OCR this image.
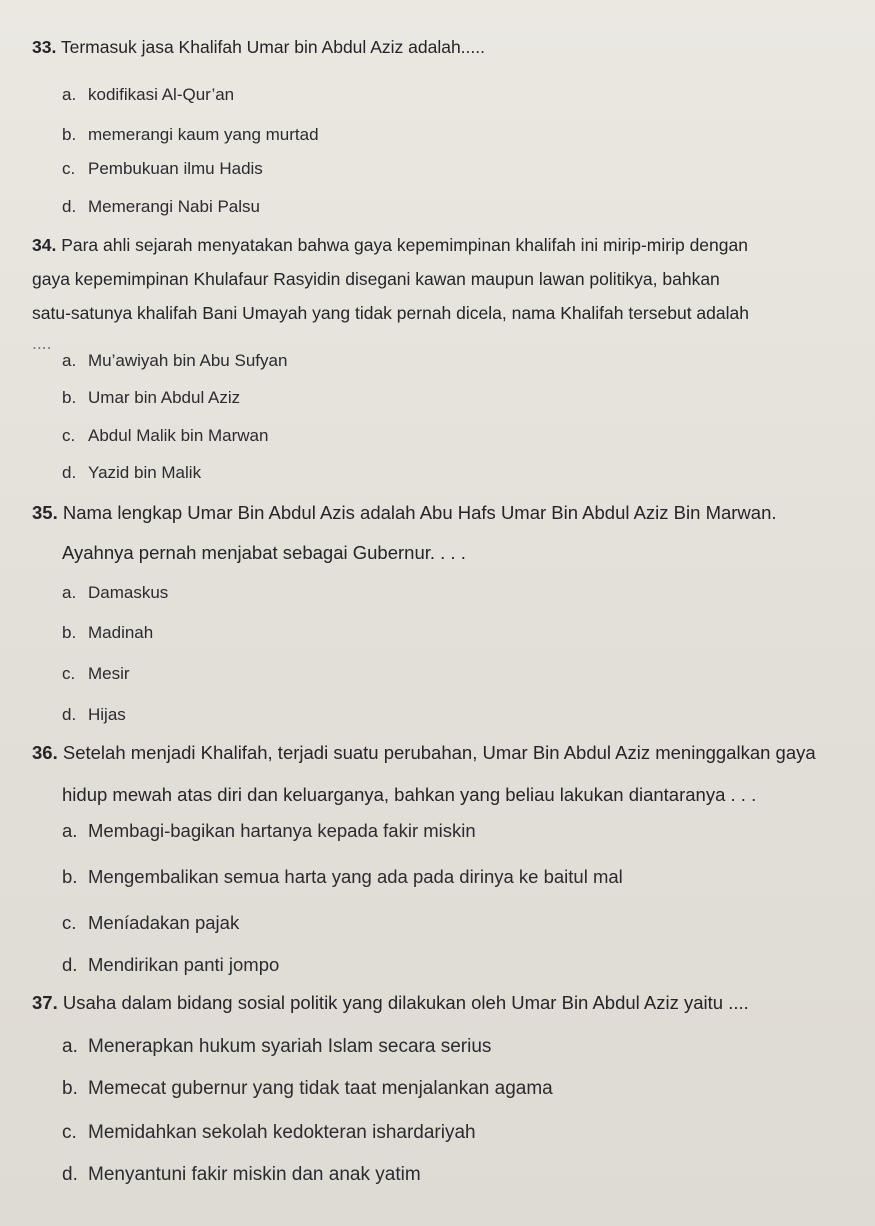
33. Termasuk jasa Khalifah Umar bin Abdul Aziz adalah.....

a. kodifikasi Al-Qur’an

b. memerangi kaum yang murtad

c. Pembukuan ilmu Hadis

d. Memerangi Nabi Palsu

34. Para ahli sejarah menyatakan bahwa gaya kepemimpinan khalifah ini mirip-mirip dengan
gaya kepemimpinan Khulafaur Rasyidin disegani kawan maupun lawan politikya, bahkan
satu-satunya khalifah Bani Umayah yang tidak pernah dicela, nama Khalifah tersebut adalah
....

a. Mu’awiyah bin Abu Sufyan

b. Umar bin Abdul Aziz

c. Abdul Malik bin Marwan

d. Yazid bin Malik

35. Nama lengkap Umar Bin Abdul Azis adalah Abu Hafs Umar Bin Abdul Aziz Bin Marwan.
Ayahnya pernah menjabat sebagai Gubernur. . . .

a. Damaskus

b. Madinah

c. Mesir

d. Hijas

36. Setelah menjadi Khalifah, terjadi suatu perubahan, Umar Bin Abdul Aziz meninggalkan gaya
hidup mewah atas diri dan keluarganya, bahkan yang beliau lakukan diantaranya . . .

a. Membagi-bagikan hartanya kepada fakir miskin

b. Mengembalikan semua harta yang ada pada dirinya ke baitul mal

c. Meníadakan pajak

d. Mendirikan panti jompo

37. Usaha dalam bidang sosial politik yang dilakukan oleh Umar Bin Abdul Aziz yaitu ....

a. Menerapkan hukum syariah Islam secara serius

b. Memecat gubernur yang tidak taat menjalankan agama

c. Memidahkan sekolah kedokteran ishardariyah

d. Menyantuni fakir miskin dan anak yatim
